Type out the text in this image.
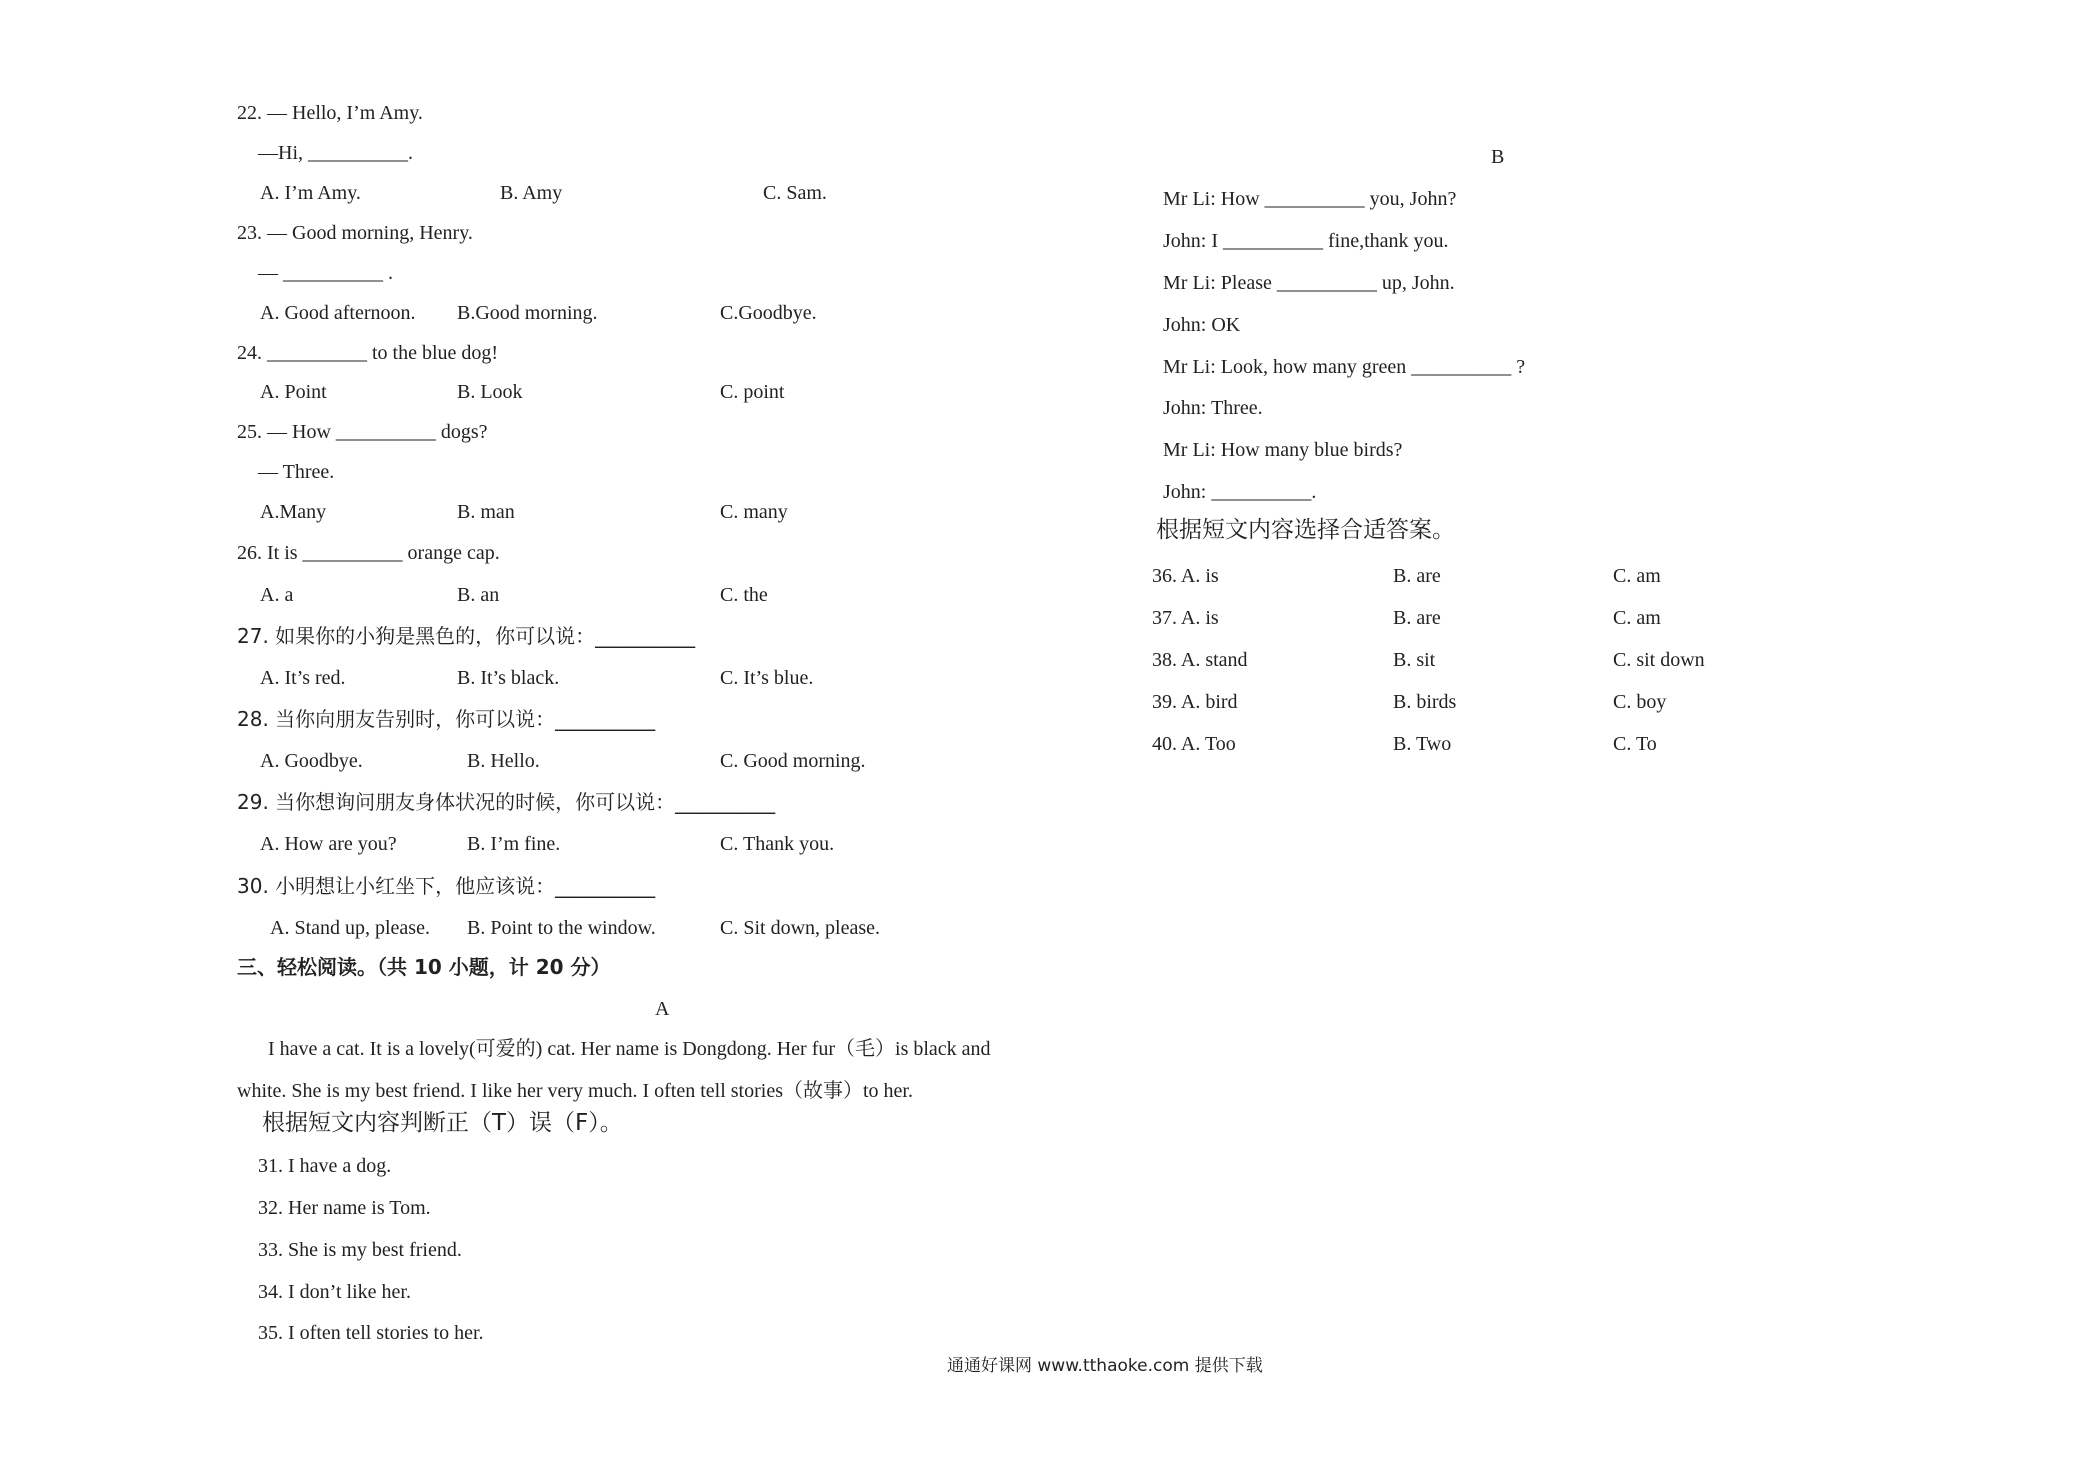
22. — Hello, I’m Amy.
—Hi, __________.
A. I’m Amy.	B. Amy	C. Sam.
23. — Good morning, Henry.
— __________ .
A. Good afternoon. B.Good morning.	C.Goodbye.
24. __________ to the blue dog!
A. Point	B. Look	C. point
25. — How __________ dogs?
— Three.
A.Many	B. man	C. many
26. It is __________ orange cap.
A. a	B. an	C. the
27. 如果你的小狗是黑色的，你可以说：__________
A. It’s red.	B. It’s black.	C. It’s blue.
28. 当你向朋友告别时，你可以说：__________
A. Goodbye.	B. Hello.	C. Good morning.
29. 当你想询问朋友身体状况的时候，你可以说：__________
A. How are you?	B. I’m fine.	C. Thank you.
30. 小明想让小红坐下，他应该说：__________
A. Stand up, please. B. Point to the window.	C. Sit down, please.
三、轻松阅读。（共 10 小题，计 20 分）
A
I have a cat. It is a lovely(可爱的) cat. Her name is Dongdong. Her fur（毛）is black and
white. She is my best friend. I like her very much. I often tell stories（故事）to her.
根据短文内容判断正（T）误（F）。
31. I have a dog.
32. Her name is Tom.
33. She is my best friend.
34. I don’t like her.
35. I often tell stories to her.
B
Mr Li: How __________ you, John?
John: I __________ fine,thank you.
Mr Li: Please __________ up, John.
John: OK
Mr Li: Look, how many green __________ ?
John: Three.
Mr Li: How many blue birds?
John: __________.
根据短文内容选择合适答案。
36. A. is	B. are	C. am
37. A. is	B. are	C. am
38. A. stand	B. sit	C. sit down
39. A. bird	B. birds	C. boy
40. A. Too	B. Two	C. To
通通好课网 www.tthaoke.com 提供下载
